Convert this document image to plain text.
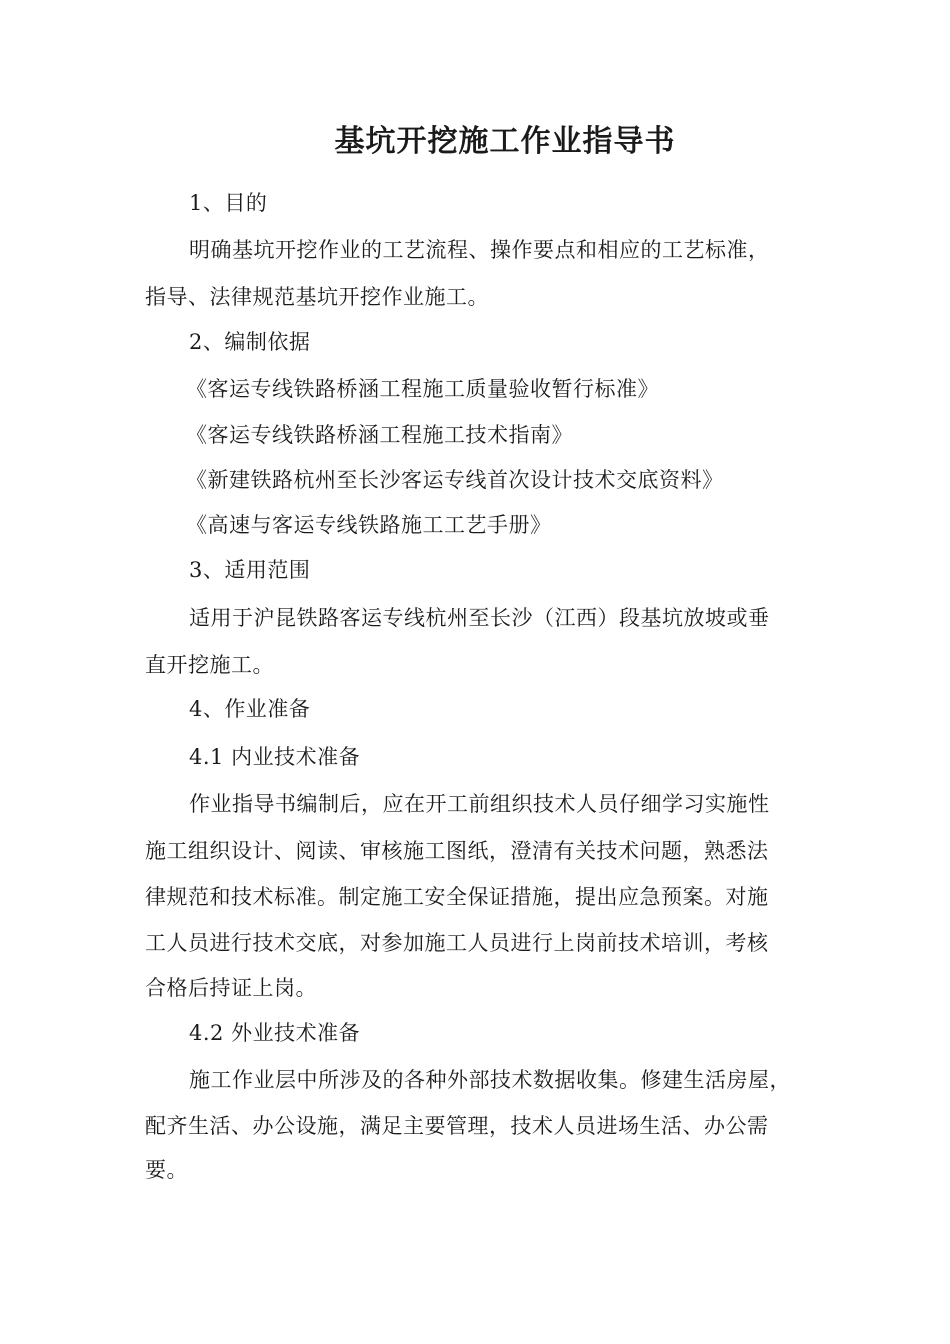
基坑开挖施工作业指导书
1、目的
明确基坑开挖作业的工艺流程、操作要点和相应的工艺标准，
指导、法律规范基坑开挖作业施工。
2、编制依据
《客运专线铁路桥涵工程施工质量验收暂行标准》
《客运专线铁路桥涵工程施工技术指南》
《新建铁路杭州至长沙客运专线首次设计技术交底资料》
《高速与客运专线铁路施工工艺手册》
3、适用范围
适用于沪昆铁路客运专线杭州至长沙（江西）段基坑放坡或垂
直开挖施工。
4、作业准备
4.1 内业技术准备
作业指导书编制后，应在开工前组织技术人员仔细学习实施性
施工组织设计、阅读、审核施工图纸，澄清有关技术问题，熟悉法
律规范和技术标准。制定施工安全保证措施，提出应急预案。对施
工人员进行技术交底，对参加施工人员进行上岗前技术培训，考核
合格后持证上岗。
4.2 外业技术准备
施工作业层中所涉及的各种外部技术数据收集。修建生活房屋，
配齐生活、办公设施，满足主要管理，技术人员进场生活、办公需
要。
